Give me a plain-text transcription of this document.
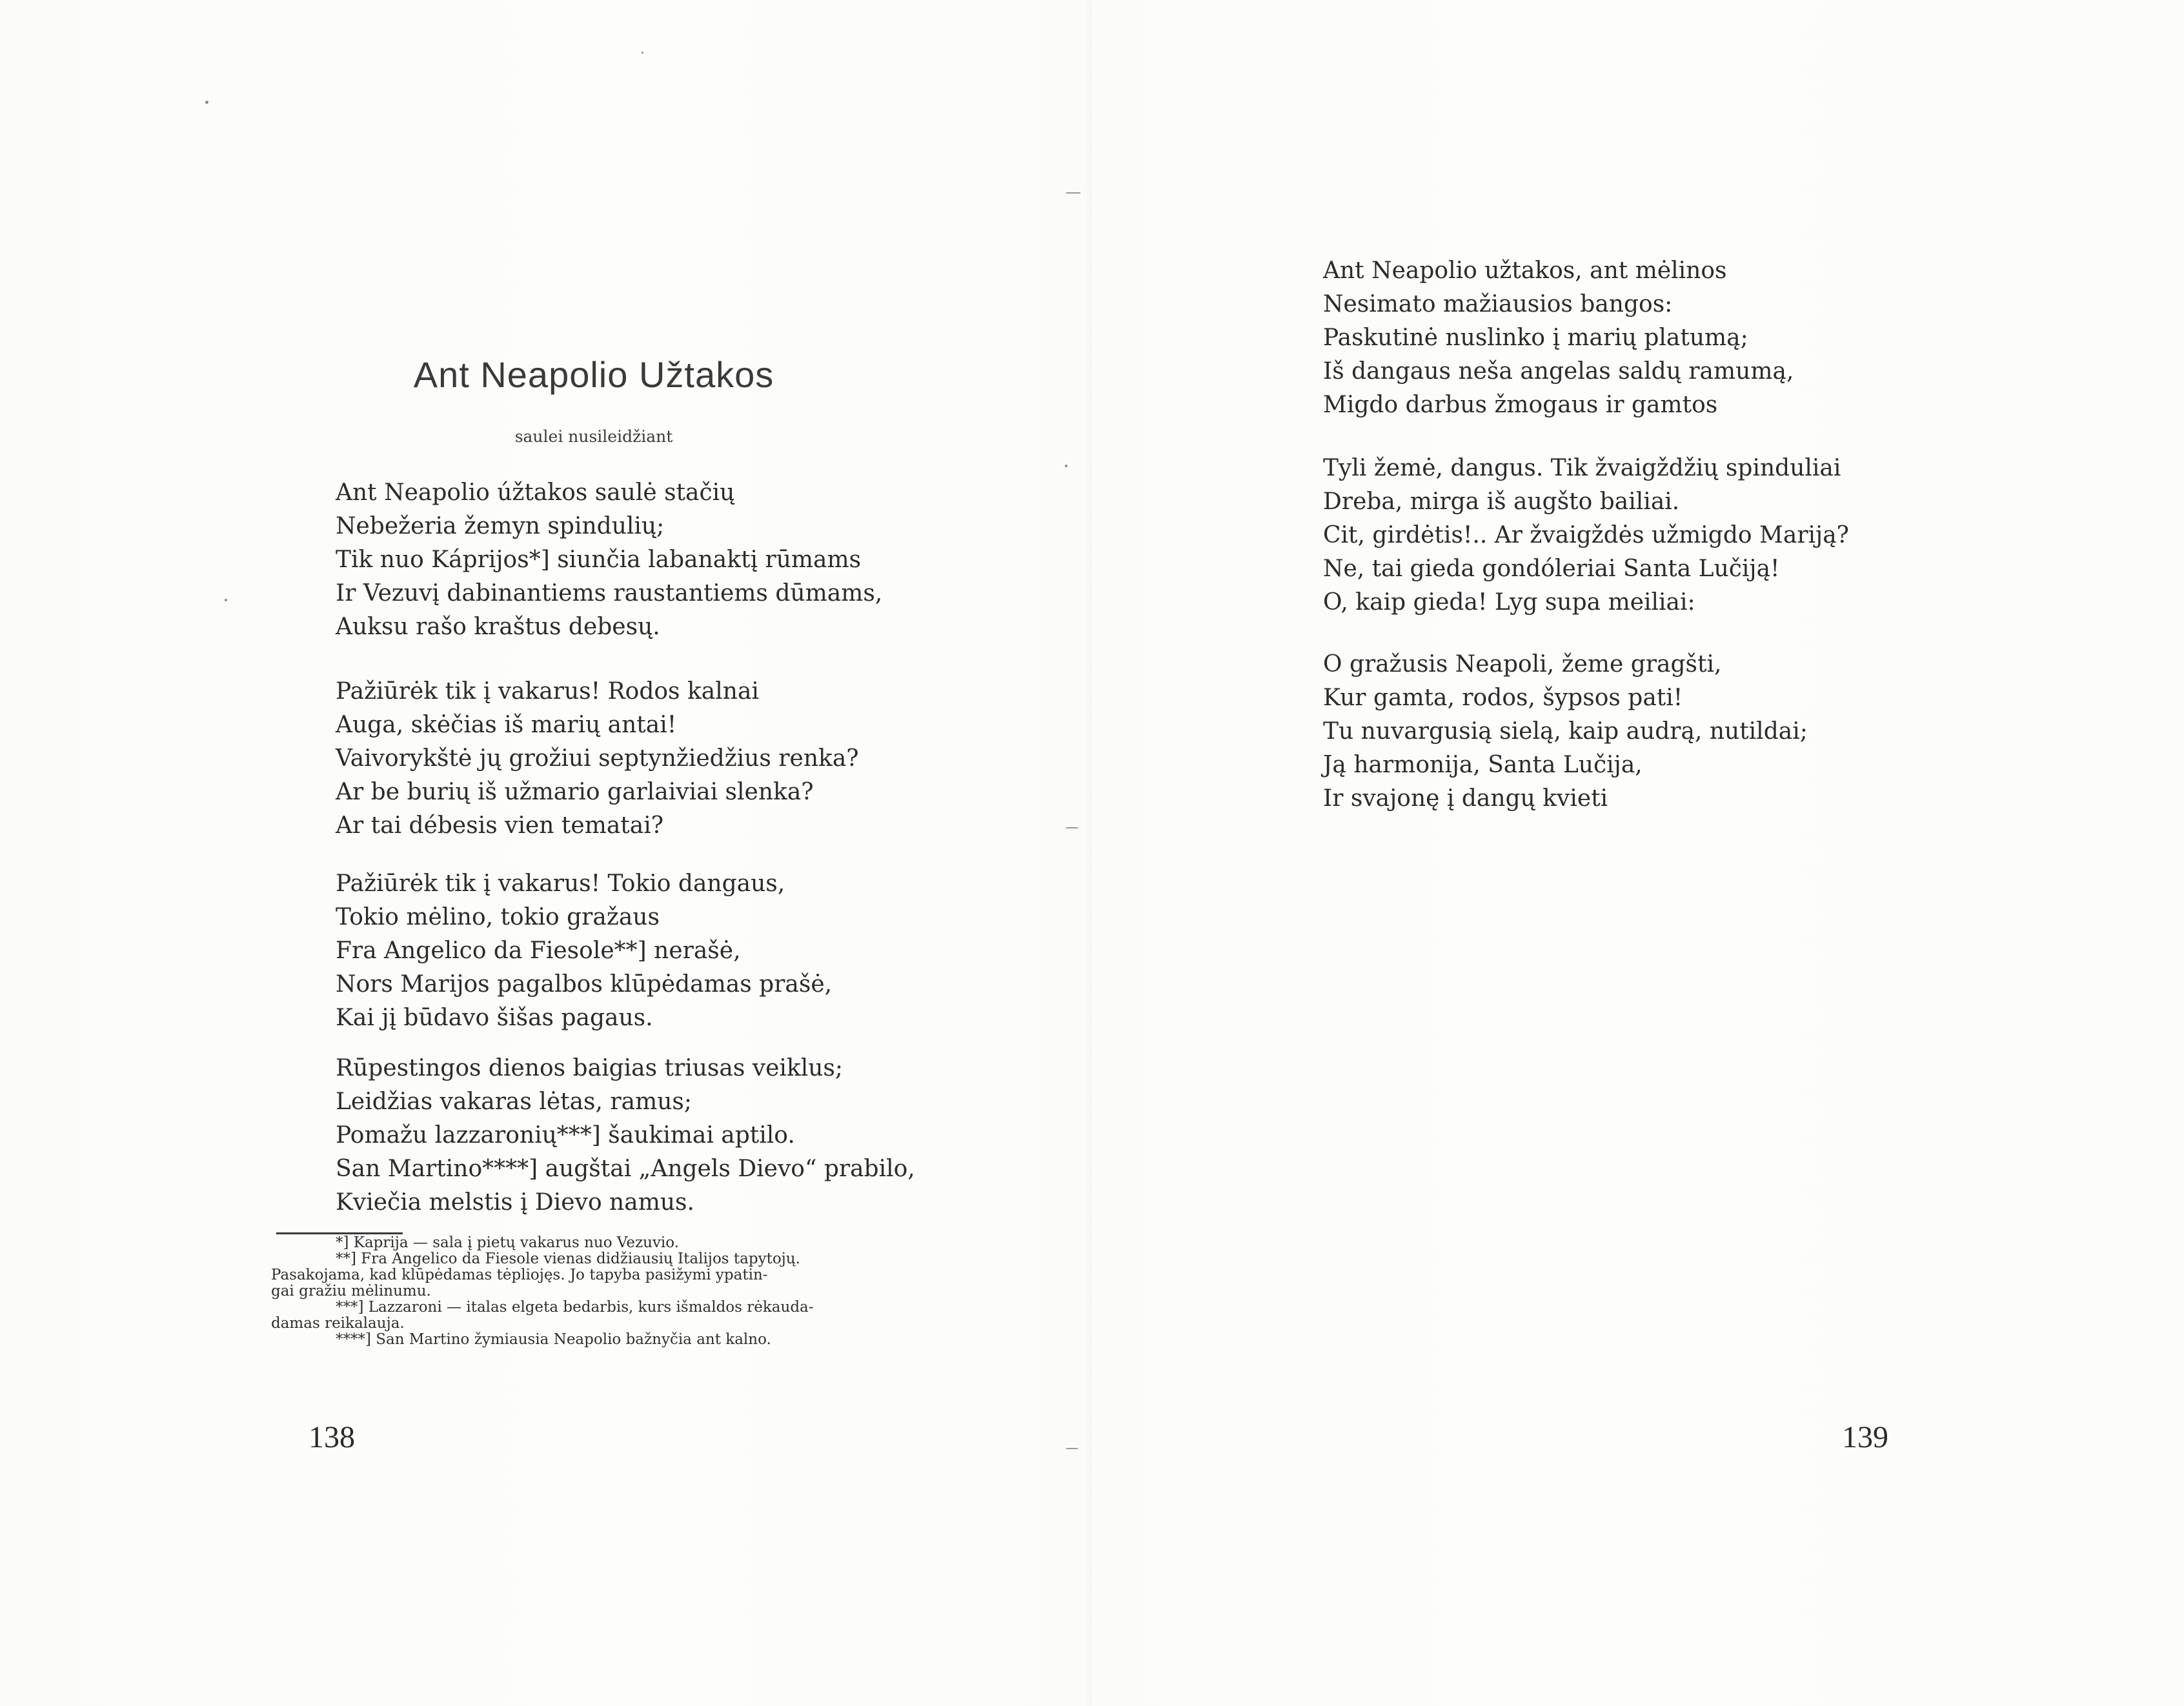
Ant Neapolio Užtakos
saulei nusileidžiant
Ant Neapolio úžtakos saulė stačių
Nebežeria žemyn spindulių;
Tik nuo Káprijos*] siunčia labanaktį rūmams
Ir Vezuvį dabinantiems raustantiems dūmams,
Auksu rašo kraštus debesų.
Pažiūrėk tik į vakarus! Rodos kalnai
Auga, skėčias iš marių antai!
Vaivorykštė jų grožiui septynžiedžius renka?
Ar be burių iš užmario garlaiviai slenka?
Ar tai débesis vien tematai?
Pažiūrėk tik į vakarus! Tokio dangaus,
Tokio mėlino, tokio gražaus
Fra Angelico da Fiesole**] nerašė,
Nors Marijos pagalbos klūpėdamas prašė,
Kai jį būdavo šišas pagaus.
Rūpestingos dienos baigias triusas veiklus;
Leidžias vakaras lėtas, ramus;
Pomažu lazzaronių***] šaukimai aptilo.
San Martino****] augštai „Angels Dievo“ prabilo,
Kviečia melstis į Dievo namus.
*] Kaprija — sala į pietų vakarus nuo Vezuvio.
**] Fra Angelico da Fiesole vienas didžiausių Italijos tapytojų.
Pasakojama, kad klūpėdamas tėpliojęs. Jo tapyba pasižymi ypatin-
gai gražiu mėlinumu.
***] Lazzaroni — italas elgeta bedarbis, kurs išmaldos rėkauda-
damas reikalauja.
****] San Martino žymiausia Neapolio bažnyčia ant kalno.
138
Ant Neapolio užtakos, ant mėlinos
Nesimato mažiausios bangos:
Paskutinė nuslinko į marių platumą;
Iš dangaus neša angelas saldų ramumą,
Migdo darbus žmogaus ir gamtos
Tyli žemė, dangus. Tik žvaigždžių spinduliai
Dreba, mirga iš augšto bailiai.
Cit, girdėtis!.. Ar žvaigždės užmigdo Mariją?
Ne, tai gieda gondóleriai Santa Lučiją!
O, kaip gieda! Lyg supa meiliai:
O gražusis Neapoli, žeme gragšti,
Kur gamta, rodos, šypsos pati!
Tu nuvargusią sielą, kaip audrą, nutildai;
Ją harmonija, Santa Lučija,
Ir svajonę į dangų kvieti
139
